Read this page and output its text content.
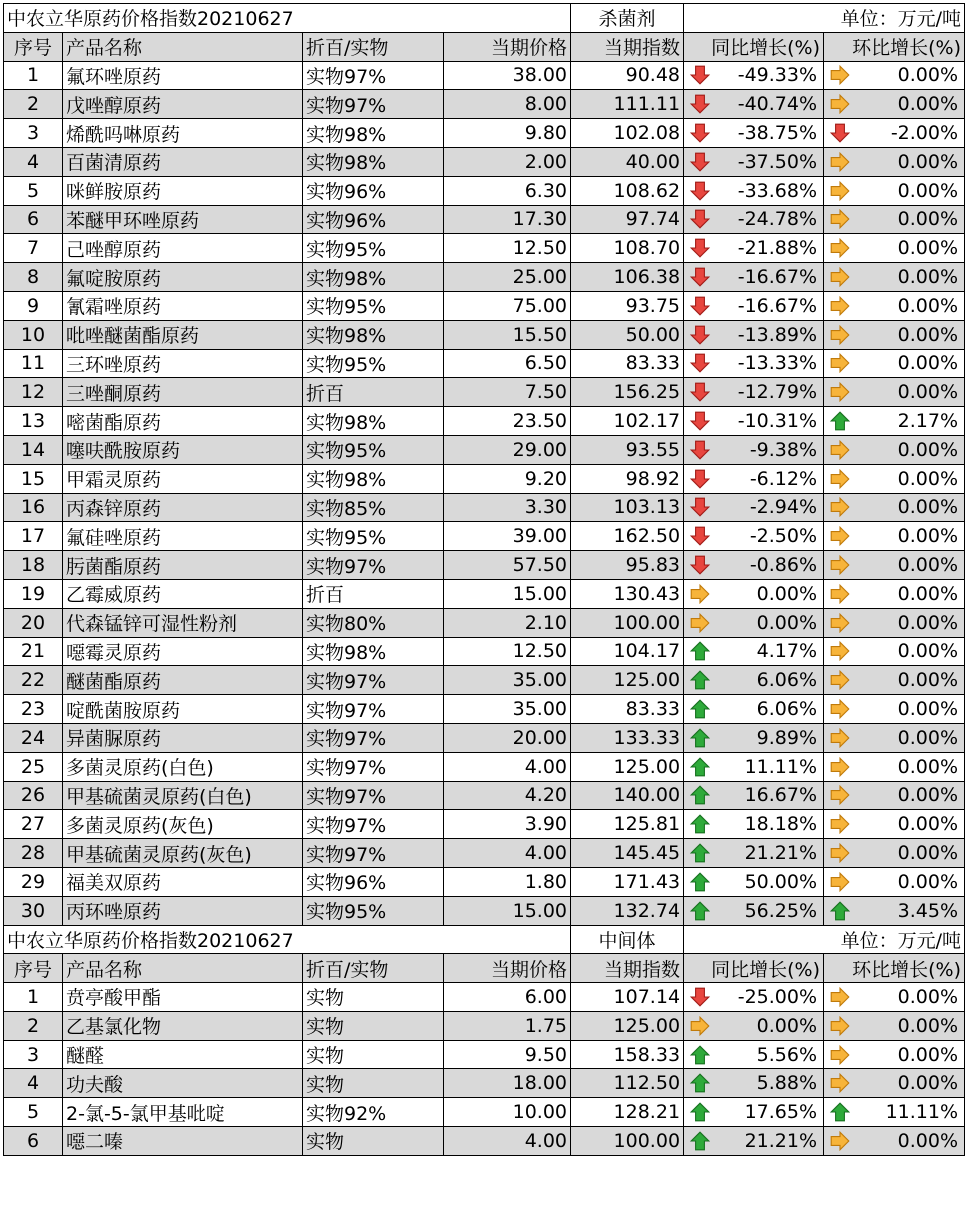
中农立华原药价格指数20210627				杀菌剂	单位：万元/吨	
序号	产品名称	折百/实物	当期价格	当期指数	同比增长(%)	环比增长(%)
1	氟环唑原药	实物97%	38.00	90.48	-49.33%	0.00%

2	戊唑醇原药	实物97%	8.00	111.11	-40.74%	0.00%

3	烯酰吗啉原药	实物98%	9.80	102.08	-38.75%	-2.00%

4	百菌清原药	实物98%	2.00	40.00	-37.50%	0.00%

5	咪鲜胺原药	实物96%	6.30	108.62	-33.68%	0.00%

6	苯醚甲环唑原药	实物96%	17.30	97.74	-24.78%	0.00%

7	己唑醇原药	实物95%	12.50	108.70	-21.88%	0.00%

8	氟啶胺原药	实物98%	25.00	106.38	-16.67%	0.00%

9	氰霜唑原药	实物95%	75.00	93.75	-16.67%	0.00%

10	吡唑醚菌酯原药	实物98%	15.50	50.00	-13.89%	0.00%

11	三环唑原药	实物95%	6.50	83.33	-13.33%	0.00%

12	三唑酮原药	折百	7.50	156.25	-12.79%	0.00%

13	嘧菌酯原药	实物98%	23.50	102.17	-10.31%	2.17%

14	噻呋酰胺原药	实物95%	29.00	93.55	-9.38%	0.00%

15	甲霜灵原药	实物98%	9.20	98.92	-6.12%	0.00%

16	丙森锌原药	实物85%	3.30	103.13	-2.94%	0.00%

17	氟硅唑原药	实物95%	39.00	162.50	-2.50%	0.00%

18	肟菌酯原药	实物97%	57.50	95.83	-0.86%	0.00%

19	乙霉威原药	折百	15.00	130.43	0.00%	0.00%

20	代森锰锌可湿性粉剂	实物80%	2.10	100.00	0.00%	0.00%

21	噁霉灵原药	实物98%	12.50	104.17	4.17%	0.00%

22	醚菌酯原药	实物97%	35.00	125.00	6.06%	0.00%

23	啶酰菌胺原药	实物97%	35.00	83.33	6.06%	0.00%

24	异菌脲原药	实物97%	20.00	133.33	9.89%	0.00%

25	多菌灵原药(白色)	实物97%	4.00	125.00	11.11%	0.00%

26	甲基硫菌灵原药(白色)	实物97%	4.20	140.00	16.67%	0.00%

27	多菌灵原药(灰色)	实物97%	3.90	125.81	18.18%	0.00%

28	甲基硫菌灵原药(灰色)	实物97%	4.00	145.45	21.21%	0.00%

29	福美双原药	实物96%	1.80	171.43	50.00%	0.00%

30	丙环唑原药	实物95%	15.00	132.74	56.25%	3.45%

中农立华原药价格指数20210627				中间体	单位：万元/吨	
序号	产品名称	折百/实物	当期价格	当期指数	同比增长(%)	环比增长(%)
1	贲亭酸甲酯	实物	6.00	107.14	-25.00%	0.00%

2	乙基氯化物	实物	1.75	125.00	0.00%	0.00%

3	醚醛	实物	9.50	158.33	5.56%	0.00%

4	功夫酸	实物	18.00	112.50	5.88%	0.00%

5	2-氯-5-氯甲基吡啶	实物92%	10.00	128.21	17.65%	11.11%

6	噁二嗪	实物	4.00	100.00	21.21%	0.00%
